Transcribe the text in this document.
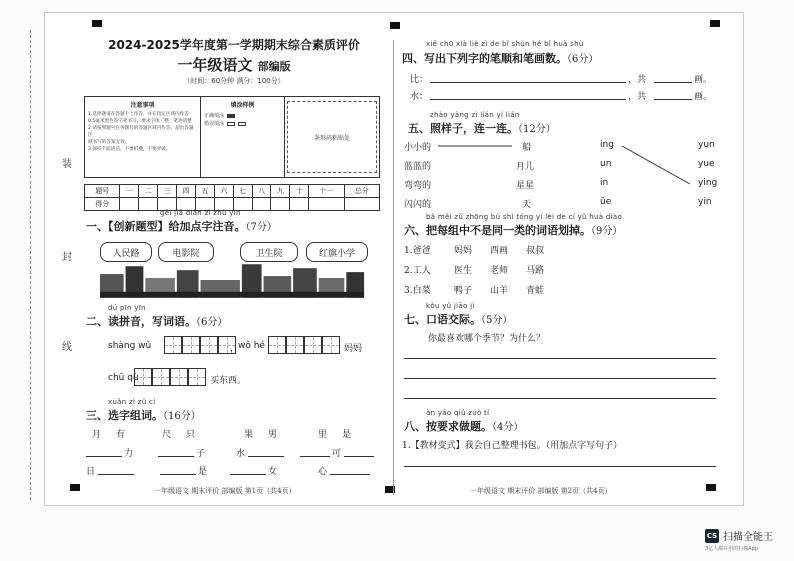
装
封
线
2024-2025学年度第一学期期末综合素质评价
一年级语文 部编版
（时间：60分钟 满分：100分）
注意事项

1.选择题请在答题卡上作答，并在指定区域内作答

0.5毫米黑色签字笔书写，要求字体工整，笔迹清楚

2.请按照题号在各题目的答题区域内作答，超出答题区

域书写的答案无效。

3.保持卡面清洁，不要折叠，不要弄破。

填涂样例
正确填涂
错误填涂
条形码粘贴处
题号	一	二	三	四	五	六	七	八	九	十	十一	总分
得分												
gěi jiā diǎn zì zhù yīn
一、【创新题型】给加点字注音。（7分）
人民路	电影院	卫生院	红旗小学
dú pīn yīn
二、读拼音，写词语。（6分）
shàng wǔ	，
wǒ hé	妈妈
chū qù	买东西。
xuǎn zì zǔ cí
三、选字组词。（16分）
月 有	尺 只	果 男	里 是
力	子	水	可
日	是	女	心
xiě chū xià liè zì de bǐ shùn hé bǐ huà shù
四、写出下列字的笔顺和笔画数。（6分）
比：	，共	画。
水：	，共	画。
zhào yàng zi lián yi lián
五、照样子，连一连。（12分）
小小的
蓝蓝的
弯弯的
闪闪的
船
月儿
星星
天
ing
un
in
üe
yun
yue
ying
yin
bǎ měi zǔ zhōng bù shì tóng yí lèi de cí yǔ huà diào
六、把每组中不是同一类的词语划掉。（9分）
1.爸爸	妈妈 西画 叔叔
2.工人	医生 老师 马路
3.白菜	鸭子 山羊 青蛙
kǒu yǔ jiāo jì
七、口语交际。（5分）
你最喜欢哪个季节？为什么？
àn yāo qiú zuò tí
八、按要求做题。（4分）
1.【教材变式】我会自己整理书包。（用加点字写句子）
一年级语文 期末评价 部编版 第1页（共4页）	一年级语文 期末评价 部编版 第2页（共4页）
CS 扫描全能王
3亿人都在用的扫描App
